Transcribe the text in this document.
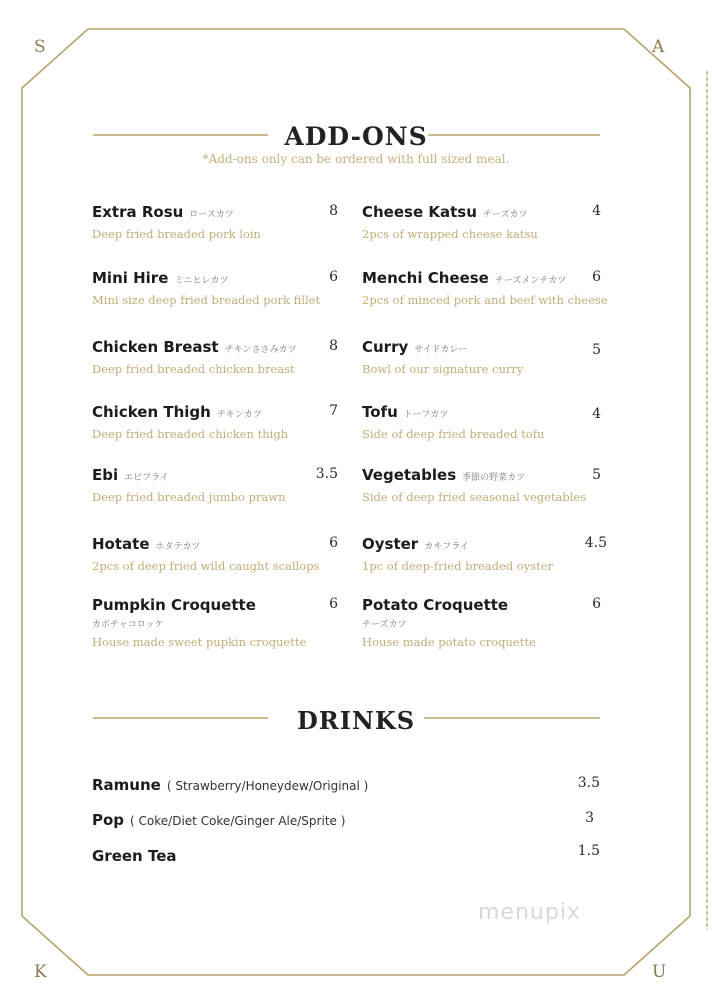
S	A
K	U
ADD-ONS
*Add-ons only can be ordered with full sized meal.
Extra Rosu ロースカツ
Deep fried breaded pork loin
8
Mini Hire ミニヒレカツ
Mini size deep fried breaded pork fillet
6
Chicken Breast チキンささみカツ
Deep fried breaded chicken breast
8
Chicken Thigh チキンカツ
Deep fried breaded chicken thigh
7
Ebi エビフライ
Deep fried breaded jumbo prawn
3.5
Hotate ホタテカツ
2pcs of deep fried wild caught scallops
6
Pumpkin Croquette
カボチャコロッケ
House made sweet pupkin croquette
6
Cheese Katsu チーズカツ
2pcs of wrapped cheese katsu
4
Menchi Cheese チーズメンチカツ
2pcs of minced pork and beef with cheese
6
Curry サイドカレー
Bowl of our signature curry
5
Tofu トーフカツ
Side of deep fried breaded tofu
4
Vegetables 季節の野菜カツ
Side of deep fried seasonal vegetables
5
Oyster カキフライ
1pc of deep-fried breaded oyster
4.5
Potato Croquette
チーズカツ
House made potato croquette
6
DRINKS
Ramune ( Strawberry/Honeydew/Original )	3.5
Pop ( Coke/Diet Coke/Ginger Ale/Sprite )	3
Green Tea	1.5
menupix
